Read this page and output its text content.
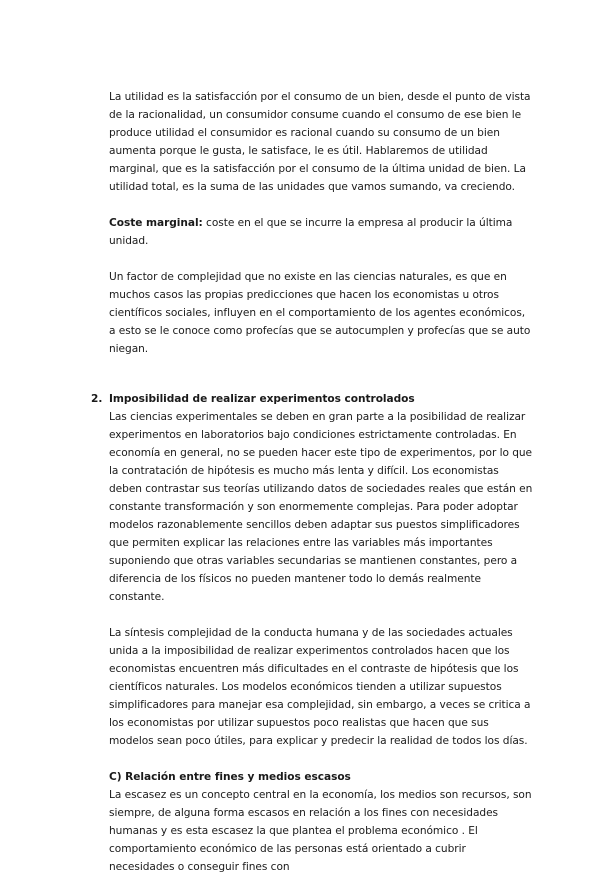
La utilidad es la satisfacción por el consumo de un bien, desde el punto de vista de la racionalidad, un consumidor consume cuando el consumo de ese bien le produce utilidad el consumidor es racional cuando su consumo de un bien aumenta porque le gusta, le satisface, le es útil. Hablaremos de utilidad marginal, que es la satisfacción por el consumo de la última unidad de bien. La utilidad total, es la suma de las unidades que vamos sumando, va creciendo.

Coste marginal: coste en el que se incurre la empresa al producir la última unidad.

Un factor de complejidad que no existe en las ciencias naturales, es que en muchos casos las propias predicciones que hacen los economistas u otros científicos sociales, influyen en el comportamiento de los agentes económicos, a esto se le conoce como profecías que se autocumplen y profecías que se auto niegan.

2. Imposibilidad de realizar experimentos controlados

Las ciencias experimentales se deben en gran parte a la posibilidad de realizar experimentos en laboratorios bajo condiciones estrictamente controladas. En economía en general, no se pueden hacer este tipo de experimentos, por lo que la contratación de hipótesis es mucho más lenta y difícil. Los economistas deben contrastar sus teorías utilizando datos de sociedades reales que están en constante transformación y son enormemente complejas. Para poder adoptar modelos razonablemente sencillos deben adaptar sus puestos simplificadores que permiten explicar las relaciones entre las variables más importantes suponiendo que otras variables secundarias se mantienen constantes, pero a diferencia de los físicos no pueden mantener todo lo demás realmente constante.

La síntesis complejidad de la conducta humana y de las sociedades actuales unida a la imposibilidad de realizar experimentos controlados hacen que los economistas encuentren más dificultades en el contraste de hipótesis que los científicos naturales. Los modelos económicos tienden a utilizar supuestos simplificadores para manejar esa complejidad, sin embargo, a veces se critica a los economistas por utilizar supuestos poco realistas que hacen que sus modelos sean poco útiles, para explicar y predecir la realidad de todos los días.

C) Relación entre fines y medios escasos

La escasez es un concepto central en la economía, los medios son recursos, son siempre, de alguna forma escasos en relación a los fines con necesidades humanas y es esta escasez la que plantea el problema económico . El comportamiento económico de las personas está orientado a cubrir necesidades o conseguir fines con
